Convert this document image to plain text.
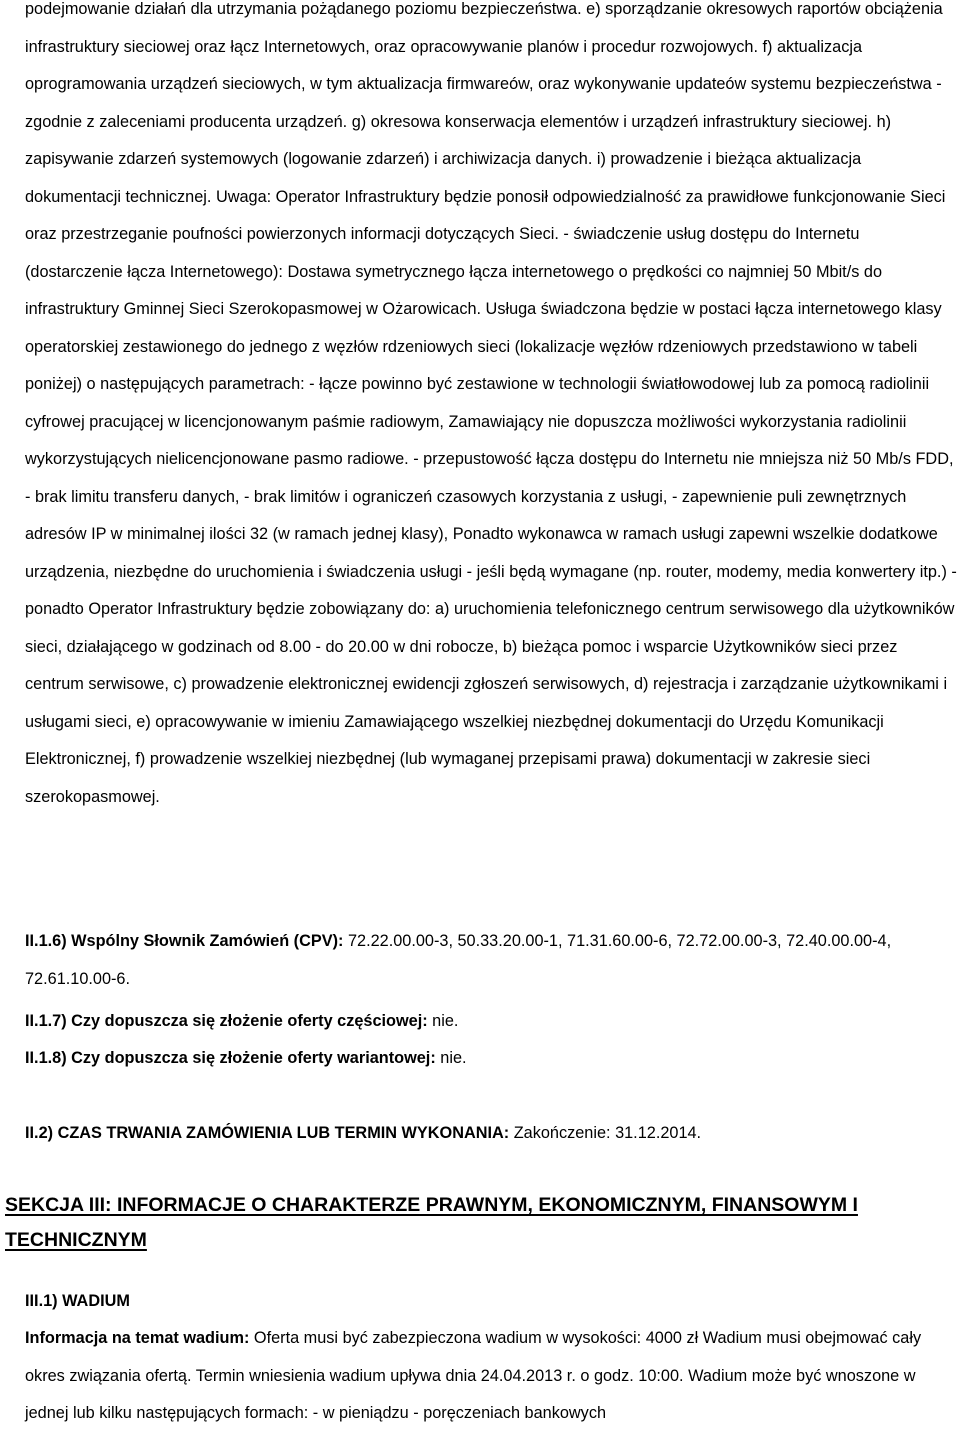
podejmowanie działań dla utrzymania pożądanego poziomu bezpieczeństwa. e) sporządzanie okresowych raportów obciążenia infrastruktury sieciowej oraz łącz Internetowych, oraz opracowywanie planów i procedur rozwojowych. f) aktualizacja oprogramowania urządzeń sieciowych, w tym aktualizacja firmwareów, oraz wykonywanie updateów systemu bezpieczeństwa - zgodnie z zaleceniami producenta urządzeń. g) okresowa konserwacja elementów i urządzeń infrastruktury sieciowej. h) zapisywanie zdarzeń systemowych (logowanie zdarzeń) i archiwizacja danych. i) prowadzenie i bieżąca aktualizacja dokumentacji technicznej. Uwaga: Operator Infrastruktury będzie ponosił odpowiedzialność za prawidłowe funkcjonowanie Sieci oraz przestrzeganie poufności powierzonych informacji dotyczących Sieci. - świadczenie usług dostępu do Internetu (dostarczenie łącza Internetowego): Dostawa symetrycznego łącza internetowego o prędkości co najmniej 50 Mbit/s do infrastruktury Gminnej Sieci Szerokopasmowej w Ożarowicach. Usługa świadczona będzie w postaci łącza internetowego klasy operatorskiej zestawionego do jednego z węzłów rdzeniowych sieci (lokalizacje węzłów rdzeniowych przedstawiono w tabeli poniżej) o następujących parametrach: - łącze powinno być zestawione w technologii światłowodowej lub za pomocą radiolinii cyfrowej pracującej w licencjonowanym paśmie radiowym, Zamawiający nie dopuszcza możliwości wykorzystania radiolinii wykorzystujących nielicencjonowane pasmo radiowe. - przepustowość łącza dostępu do Internetu nie mniejsza niż 50 Mb/s FDD, - brak limitu transferu danych, - brak limitów i ograniczeń czasowych korzystania z usługi, - zapewnienie puli zewnętrznych adresów IP w minimalnej ilości 32 (w ramach jednej klasy), Ponadto wykonawca w ramach usługi zapewni wszelkie dodatkowe urządzenia, niezbędne do uruchomienia i świadczenia usługi - jeśli będą wymagane (np. router, modemy, media konwertery itp.) - ponadto Operator Infrastruktury będzie zobowiązany do: a) uruchomienia telefonicznego centrum serwisowego dla użytkowników sieci, działającego w godzinach od 8.00 - do 20.00 w dni robocze, b) bieżąca pomoc i wsparcie Użytkowników sieci przez centrum serwisowe, c) prowadzenie elektronicznej ewidencji zgłoszeń serwisowych, d) rejestracja i zarządzanie użytkownikami i usługami sieci, e) opracowywanie w imieniu Zamawiającego wszelkiej niezbędnej dokumentacji do Urzędu Komunikacji Elektronicznej, f) prowadzenie wszelkiej niezbędnej (lub wymaganej przepisami prawa) dokumentacji w zakresie sieci szerokopasmowej.

II.1.6) Wspólny Słownik Zamówień (CPV): 72.22.00.00-3, 50.33.20.00-1, 71.31.60.00-6, 72.72.00.00-3, 72.40.00.00-4, 72.61.10.00-6.

II.1.7) Czy dopuszcza się złożenie oferty częściowej: nie.

II.1.8) Czy dopuszcza się złożenie oferty wariantowej: nie.

II.2) CZAS TRWANIA ZAMÓWIENIA LUB TERMIN WYKONANIA: Zakończenie: 31.12.2014.

SEKCJA III: INFORMACJE O CHARAKTERZE PRAWNYM, EKONOMICZNYM, FINANSOWYM I TECHNICZNYM

III.1) WADIUM

Informacja na temat wadium: Oferta musi być zabezpieczona wadium w wysokości: 4000 zł Wadium musi obejmować cały okres związania ofertą. Termin wniesienia wadium upływa dnia 24.04.2013 r. o godz. 10:00. Wadium może być wnoszone w jednej lub kilku następujących formach: - w pieniądzu - poręczeniach bankowych
